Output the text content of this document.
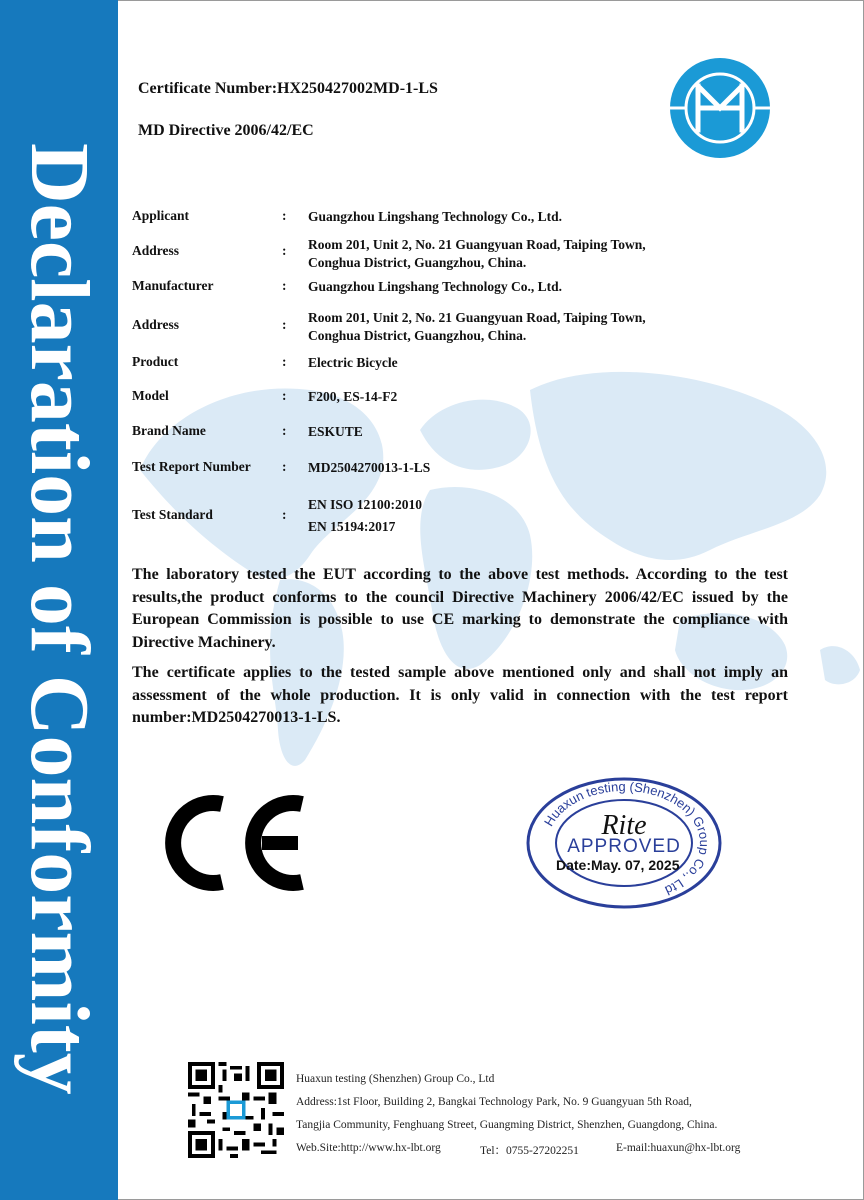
Declaration of Conformity
Certificate Number:HX250427002MD-1-LS
MD Directive 2006/42/EC
Applicant	: Guangzhou Lingshang Technology Co., Ltd.
Address	: Room 201, Unit 2, No. 21 Guangyuan Road, Taiping Town,
Conghua District, Guangzhou, China.
Manufacturer	: Guangzhou Lingshang Technology Co., Ltd.
Address	: Room 201, Unit 2, No. 21 Guangyuan Road, Taiping Town,
Conghua District, Guangzhou, China.
Product	: Electric Bicycle
Model	: F200, ES-14-F2
Brand Name	: ESKUTE
Test Report Number	: MD2504270013-1-LS
Test Standard	:
EN ISO 12100:2010
EN 15194:2017
The laboratory tested the EUT according to the above test methods. According to the test results,the product conforms to the council Directive Machinery 2006/42/EC issued by the European Commission is possible to use CE marking to demonstrate the compliance with Directive Machinery.
The certificate applies to the tested sample above mentioned only and shall not imply an assessment of the whole production. It is only valid in connection with the test report number:MD2504270013-1-LS.
Huaxun testing (Shenzhen) Group Co., Ltd
Rite
APPROVED
Date:May. 07, 2025
Huaxun testing (Shenzhen) Group Co., Ltd
Address:1st Floor, Building 2, Bangkai Technology Park, No. 9 Guangyuan 5th Road,
Tangjia Community, Fenghuang Street, Guangming District, Shenzhen, Guangdong, China.
Web.Site:http://www.hx-lbt.org	Tel：0755-27202251	E-mail:huaxun@hx-lbt.org
